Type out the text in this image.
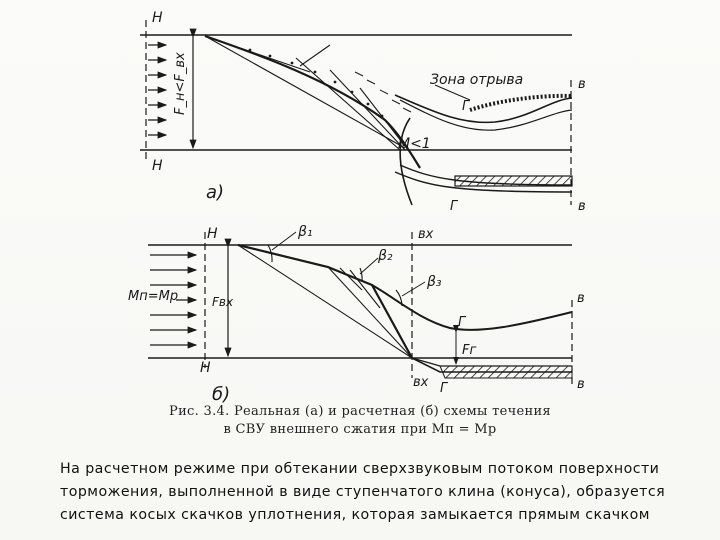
Н
Н
F_н<F_вх	Зона отрыва
M<1
Г
Г
в
в
а)
Н
Н
вх
вх
β₁
β₂
β₃
Mп=Mр	Fвх
Г
Г
Fг
в
в
б)
Рис. 3.4. Реальная (а) и расчетная (б) схемы течения
в СВУ внешнего сжатия при Mп = Mр
На расчетном режиме при обтекании сверхзвуковым потоком поверхности
торможения, выполненной в виде ступенчатого клина (конуса), образуется
система косых скачков уплотнения, которая замыкается прямым скачком
